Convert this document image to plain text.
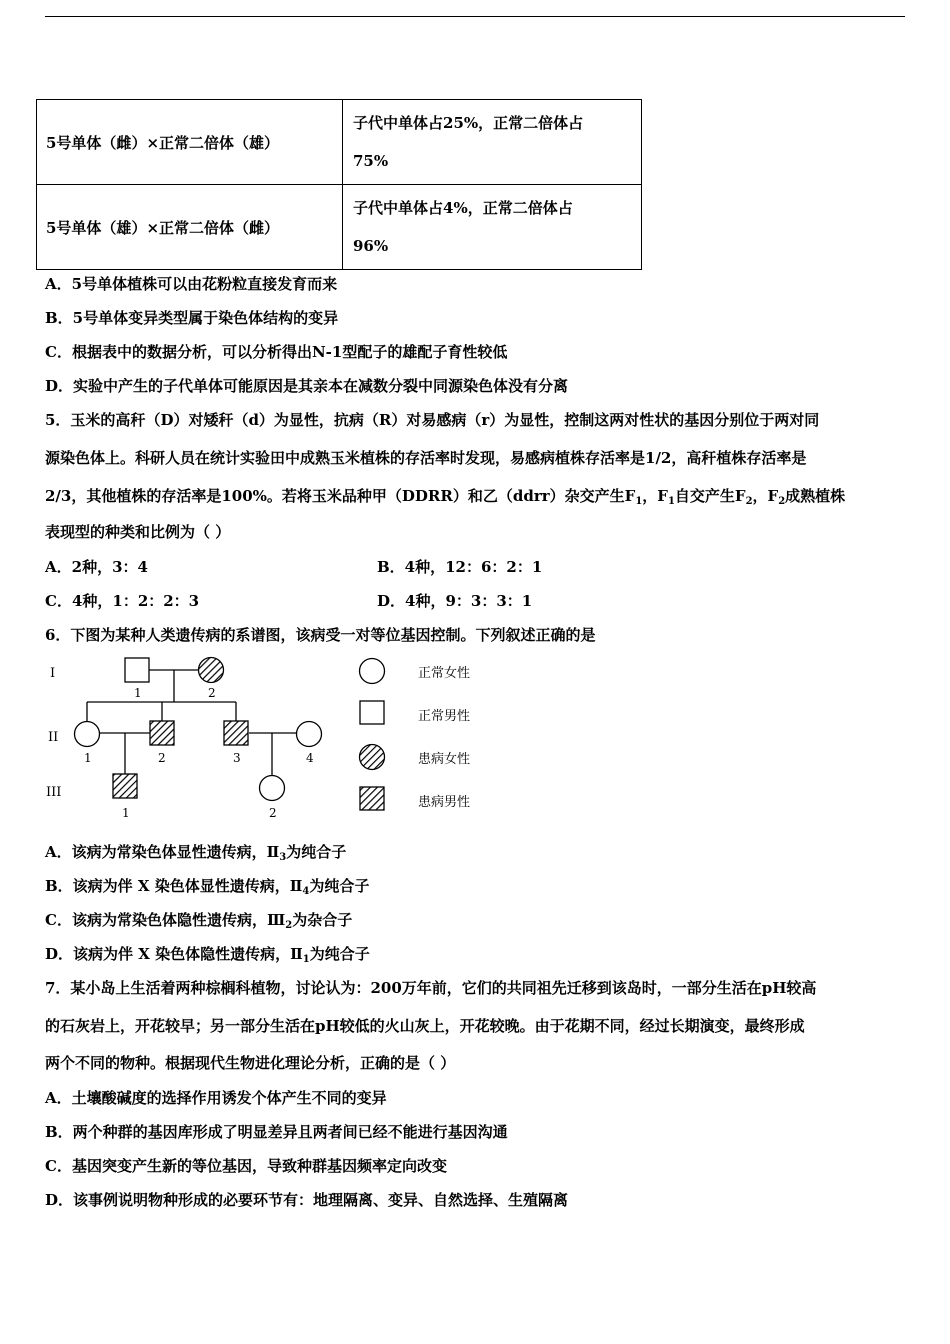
5号单体（雌）×正常二倍体（雄）	子代中单体占25%，正常二倍体占
75%

5号单体（雄）×正常二倍体（雌）	子代中单体占4%，正常二倍体占
96%
A．5号单体植株可以由花粉粒直接发育而来
B．5号单体变异类型属于染色体结构的变异
C．根据表中的数据分析，可以分析得出N-1型配子的雄配子育性较低
D．实验中产生的子代单体可能原因是其亲本在减数分裂中同源染色体没有分离
5．玉米的高秆（D）对矮秆（d）为显性，抗病（R）对易感病（r）为显性，控制这两对性状的基因分别位于两对同
源染色体上。科研人员在统计实验田中成熟玉米植株的存活率时发现，易感病植株存活率是1/2，高秆植株存活率是
2/3，其他植株的存活率是100%。若将玉米品种甲（DDRR）和乙（ddrr）杂交产生$F_1$，$F_1$自交产生$F_2$，$F_2$成熟植株
表现型的种类和比例为（ ）
A．2种，3：4	B．4种，12：6：2：1
C．4种，1：2：2：3	D．4种，9：3：3：1
6．下图为某种人类遗传病的系谱图，该病受一对等位基因控制。下列叙述正确的是
I
II
III
1	2
1	2	3	4
1	2
正常女性
正常男性
患病女性
患病男性
A．该病为常染色体显性遗传病，$Ⅱ_3$为纯合子
B．该病为伴 X 染色体显性遗传病，$Ⅱ_4$为纯合子
C．该病为常染色体隐性遗传病，$Ⅲ_2$为杂合子
D．该病为伴 X 染色体隐性遗传病，$Ⅱ_1$为纯合子
7．某小岛上生活着两种棕榈科植物，讨论认为：200万年前，它们的共同祖先迁移到该岛时，一部分生活在pH较高
的石灰岩上，开花较早；另一部分生活在pH较低的火山灰上，开花较晚。由于花期不同，经过长期演变，最终形成
两个不同的物种。根据现代生物进化理论分析，正确的是（ ）
A．土壤酸碱度的选择作用诱发个体产生不同的变异
B．两个种群的基因库形成了明显差异且两者间已经不能进行基因沟通
C．基因突变产生新的等位基因，导致种群基因频率定向改变
D．该事例说明物种形成的必要环节有：地理隔离、变异、自然选择、生殖隔离
